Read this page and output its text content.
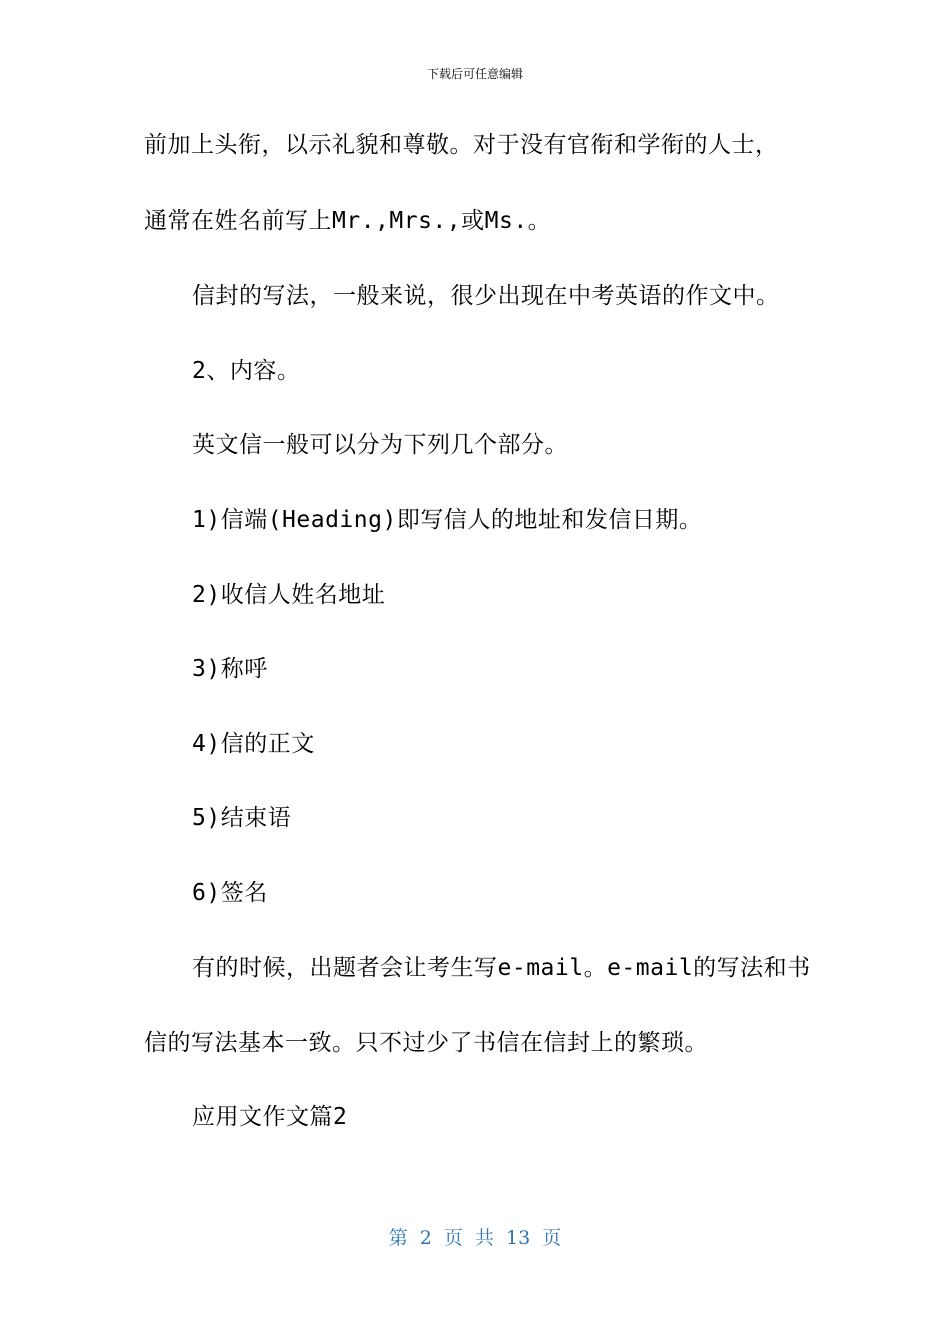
下载后可任意编辑
前加上头衔，以示礼貌和尊敬。对于没有官衔和学衔的人士，
通常在姓名前写上Mr.,Mrs.,或Ms.。
信封的写法，一般来说，很少出现在中考英语的作文中。
2、内容。
英文信一般可以分为下列几个部分。
1)信端(Heading)即写信人的地址和发信日期。
2)收信人姓名地址
3)称呼
4)信的正文
5)结束语
6)签名
有的时候，出题者会让考生写e-mail。e-mail的写法和书
信的写法基本一致。只不过少了书信在信封上的繁琐。
应用文作文篇2
第 2 页 共 13 页
